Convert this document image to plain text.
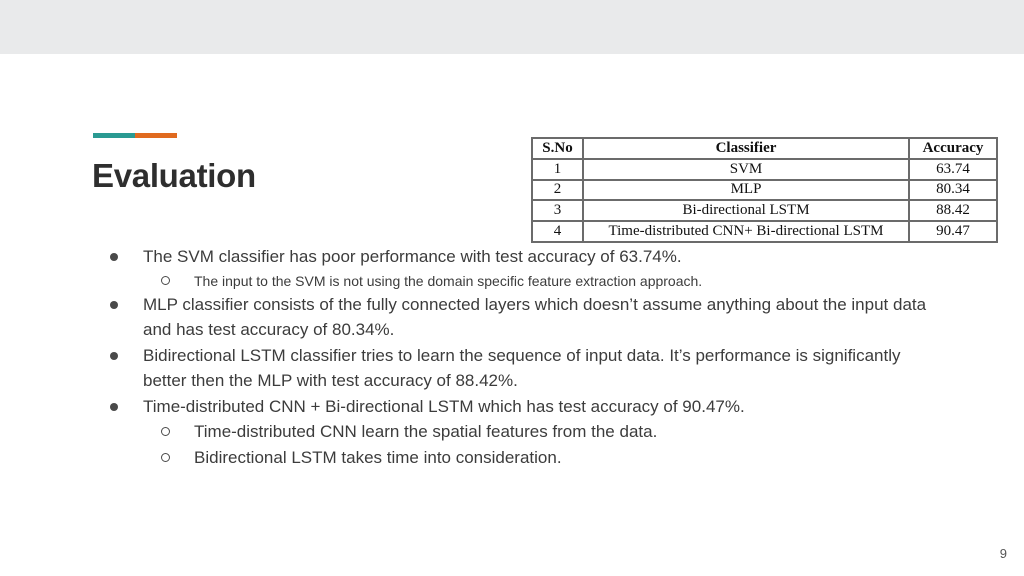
Evaluation
S.No	Classifier	Accuracy
1	SVM	63.74
2	MLP	80.34
3	Bi-directional LSTM	88.42
4	Time-distributed CNN+ Bi-directional LSTM	90.47
The SVM classifier has poor performance with test accuracy of 63.74%.
The input to the SVM is not using the domain specific feature extraction approach.
MLP classifier consists of the fully connected layers which doesn’t assume anything about the input data and has test accuracy of 80.34%.
Bidirectional LSTM classifier tries to learn the sequence of input data. It’s performance is significantly better then the MLP with test accuracy of 88.42%.
Time-distributed CNN + Bi-directional LSTM which has test accuracy of 90.47%.
Time-distributed CNN learn the spatial features from the data.
Bidirectional LSTM takes time into consideration.
9
